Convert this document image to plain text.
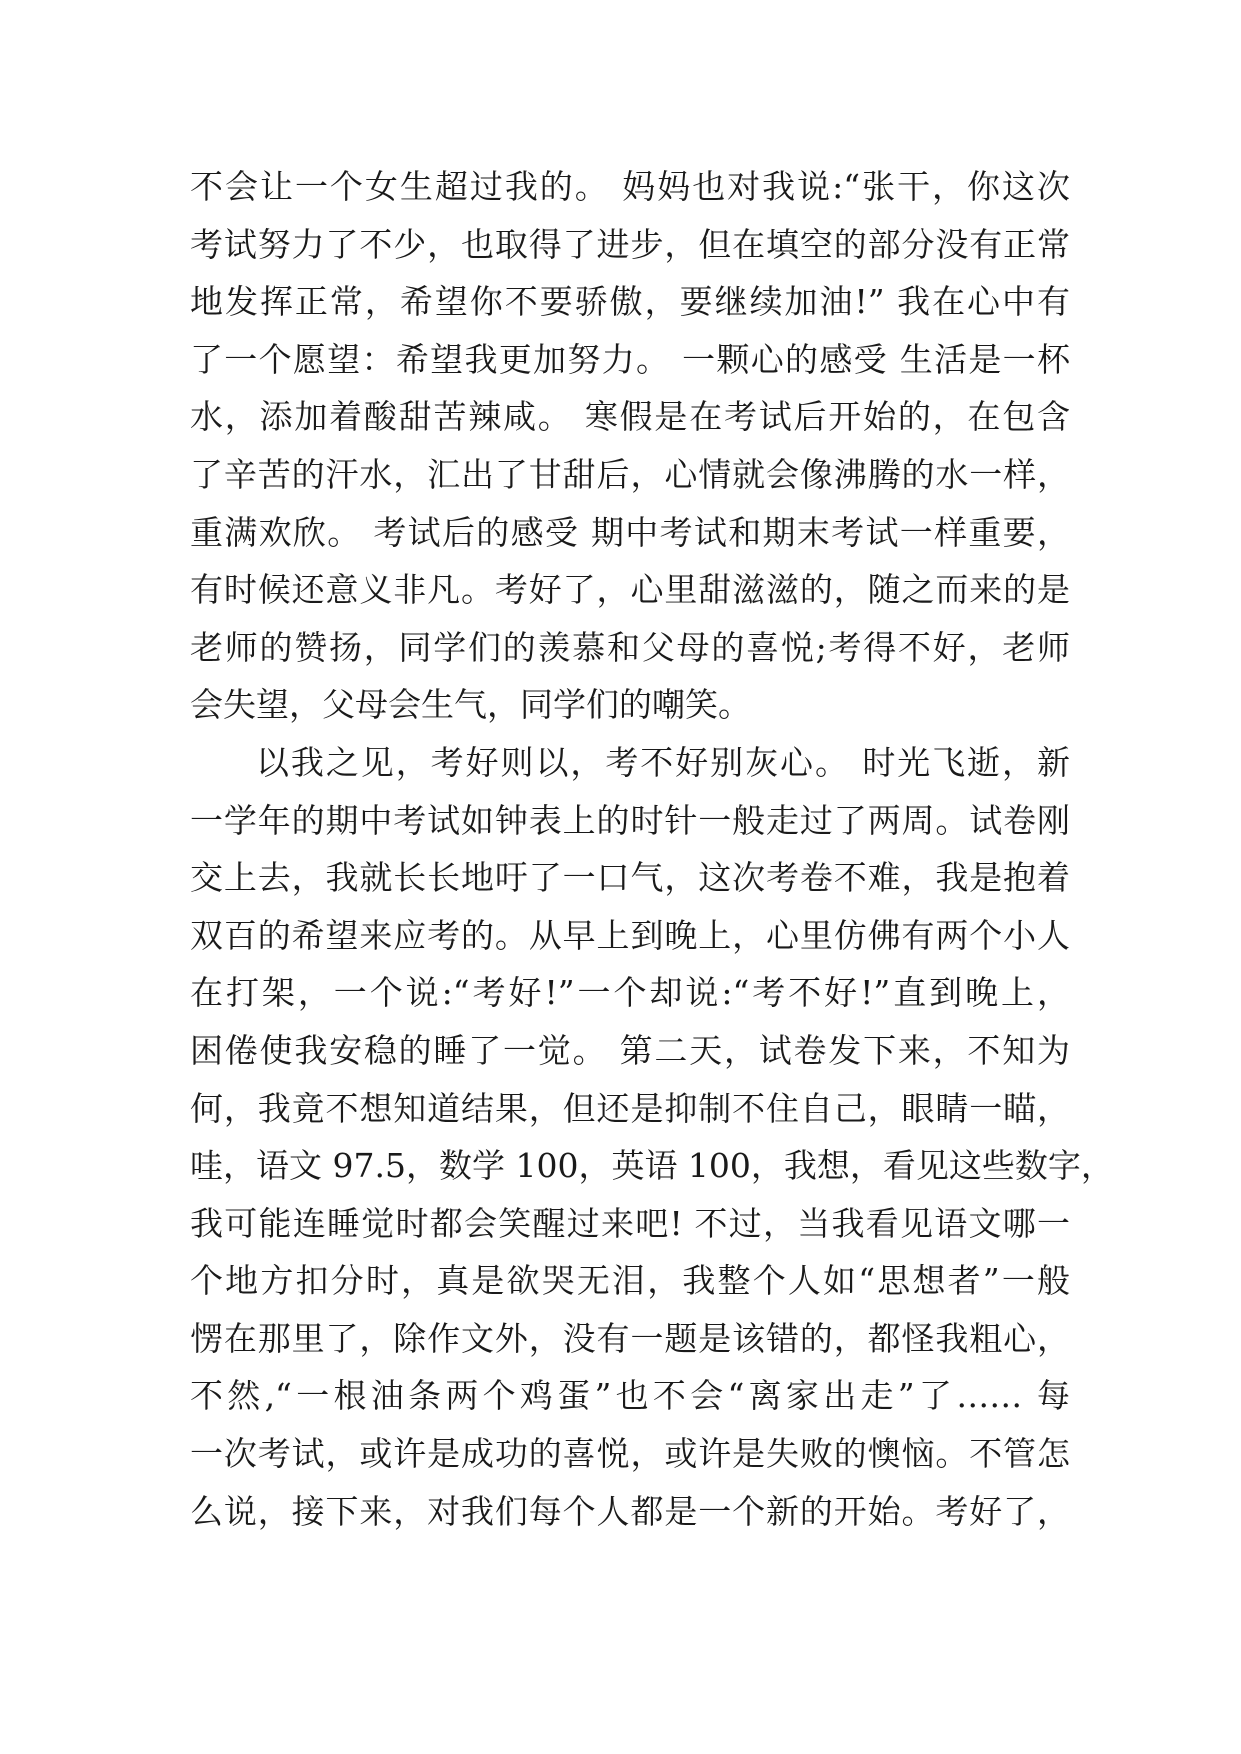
不会让一个女生超过我的。 妈妈也对我说:“张干，你这次
考试努力了不少，也取得了进步，但在填空的部分没有正常
地发挥正常，希望你不要骄傲，要继续加油!” 我在心中有
了一个愿望：希望我更加努力。 一颗心的感受 生活是一杯
水，添加着酸甜苦辣咸。 寒假是在考试后开始的，在包含
了辛苦的汗水，汇出了甘甜后，心情就会像沸腾的水一样，
重满欢欣。 考试后的感受 期中考试和期末考试一样重要，
有时候还意义非凡。考好了，心里甜滋滋的，随之而来的是
老师的赞扬，同学们的羡慕和父母的喜悦;考得不好，老师
会失望，父母会生气，同学们的嘲笑。
以我之见，考好则以，考不好别灰心。 时光飞逝，新
一学年的期中考试如钟表上的时针一般走过了两周。试卷刚
交上去，我就长长地吁了一口气，这次考卷不难，我是抱着
双百的希望来应考的。从早上到晚上，心里仿佛有两个小人
在打架，一个说:“考好!”一个却说:“考不好!”直到晚上，
困倦使我安稳的睡了一觉。 第二天，试卷发下来，不知为
何，我竟不想知道结果，但还是抑制不住自己，眼睛一瞄，
哇，语文 97.5，数学 100，英语 100，我想，看见这些数字，
我可能连睡觉时都会笑醒过来吧! 不过，当我看见语文哪一
个地方扣分时，真是欲哭无泪，我整个人如“思想者”一般
愣在那里了，除作文外，没有一题是该错的，都怪我粗心，
不然,“一根油条两个鸡蛋”也不会“离家出走”了…… 每
一次考试，或许是成功的喜悦，或许是失败的懊恼。不管怎
么说，接下来，对我们每个人都是一个新的开始。考好了，
